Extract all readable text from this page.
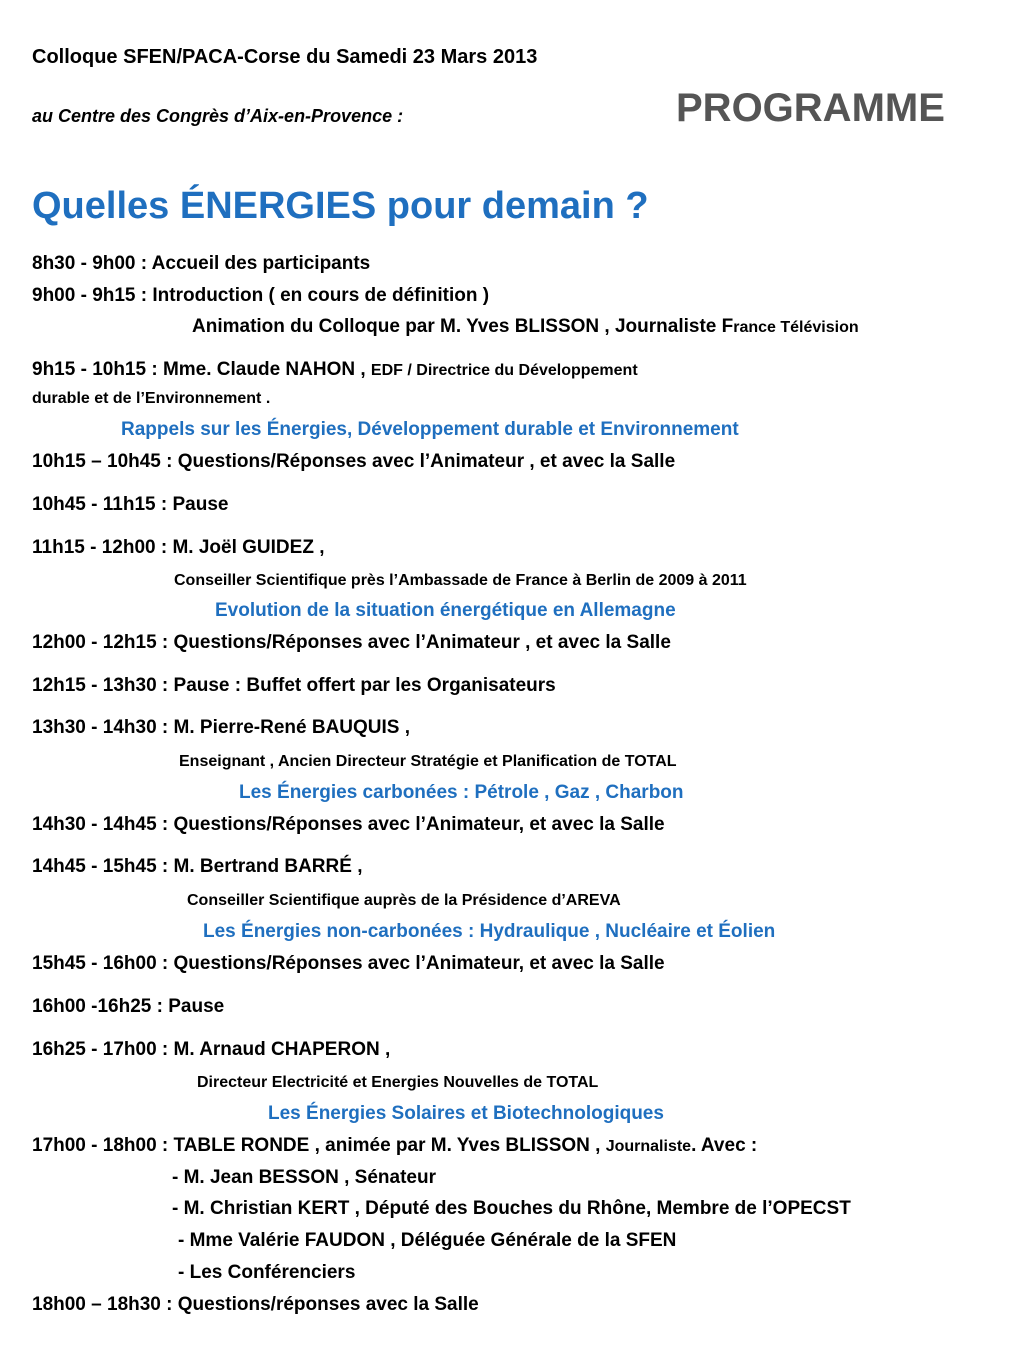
Colloque SFEN/PACA-Corse du Samedi 23 Mars 2013
au Centre des Congrès d’Aix-en-Provence :	PROGRAMME
Quelles ÉNERGIES pour demain ?
8h30 - 9h00 : Accueil des participants
9h00 - 9h15 : Introduction ( en cours de définition )
Animation du Colloque par M. Yves BLISSON , Journaliste France Télévision
9h15 - 10h15 : Mme. Claude NAHON , EDF / Directrice du Développement
durable et de l’Environnement .
Rappels sur les Énergies, Développement durable et Environnement
10h15 – 10h45 : Questions/Réponses avec l’Animateur , et avec la Salle
10h45 - 11h15 : Pause
11h15 - 12h00 : M. Joël GUIDEZ ,
Conseiller Scientifique près l’Ambassade de France à Berlin de 2009 à 2011
Evolution de la situation énergétique en Allemagne
12h00 - 12h15 : Questions/Réponses avec l’Animateur , et avec la Salle
12h15 - 13h30 : Pause : Buffet offert par les Organisateurs
13h30 - 14h30 : M. Pierre-René BAUQUIS ,
Enseignant , Ancien Directeur Stratégie et Planification de TOTAL
Les Énergies carbonées : Pétrole , Gaz , Charbon
14h30 - 14h45 : Questions/Réponses avec l’Animateur, et avec la Salle
14h45 - 15h45 : M. Bertrand BARRÉ ,
Conseiller Scientifique auprès de la Présidence d’AREVA
Les Énergies non-carbonées : Hydraulique , Nucléaire et Éolien
15h45 - 16h00 : Questions/Réponses avec l’Animateur, et avec la Salle
16h00 -16h25 : Pause
16h25 - 17h00 : M. Arnaud CHAPERON ,
Directeur Electricité et Energies Nouvelles de TOTAL
Les Énergies Solaires et Biotechnologiques
17h00 - 18h00 : TABLE RONDE , animée par M. Yves BLISSON , Journaliste. Avec :
- M. Jean BESSON , Sénateur
- M. Christian KERT , Député des Bouches du Rhône, Membre de l’OPECST
- Mme Valérie FAUDON , Déléguée Générale de la SFEN
- Les Conférenciers
18h00 – 18h30 : Questions/réponses avec la Salle
